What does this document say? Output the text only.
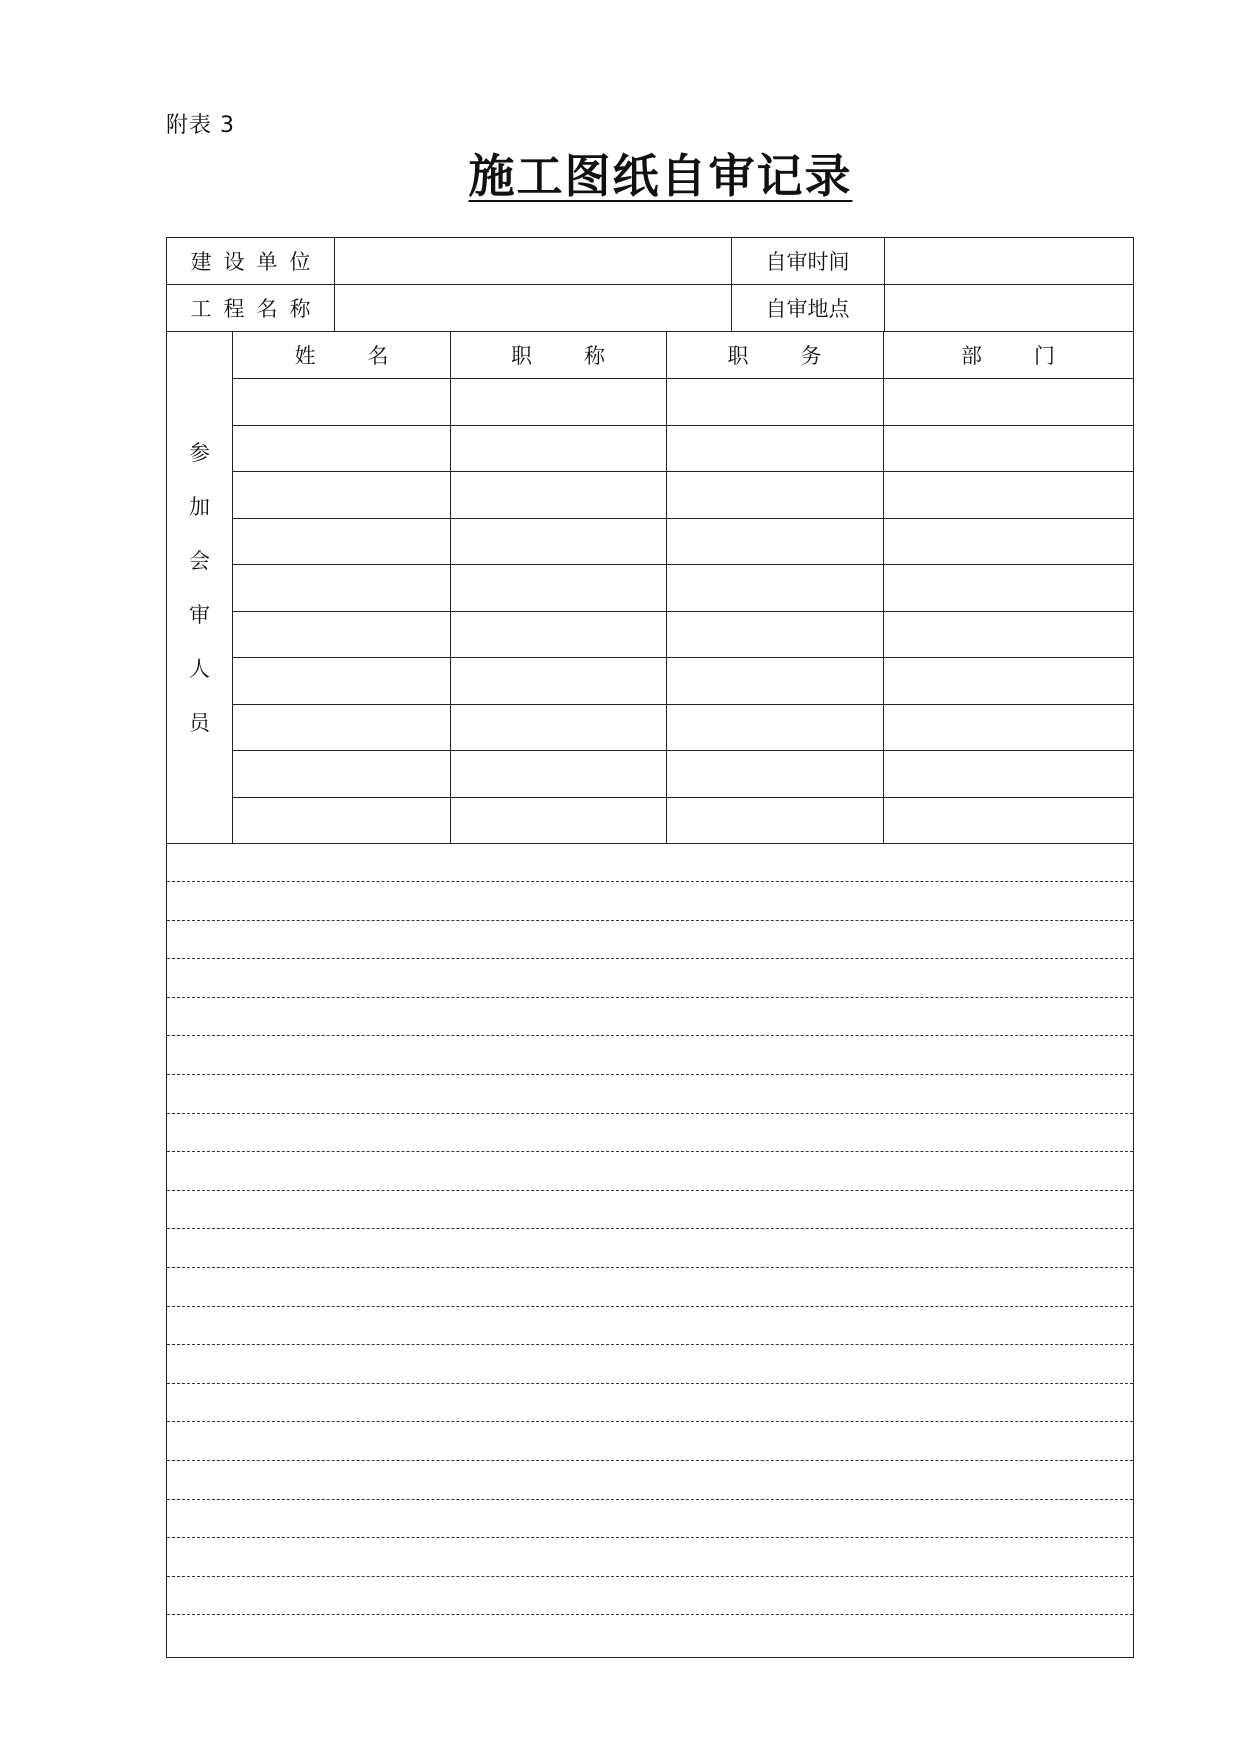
附表 3
施工图纸自审记录
建设单位	自审时间
工程名称	自审地点
参
加
会
审
人
员
姓名	职称	职务	部门
